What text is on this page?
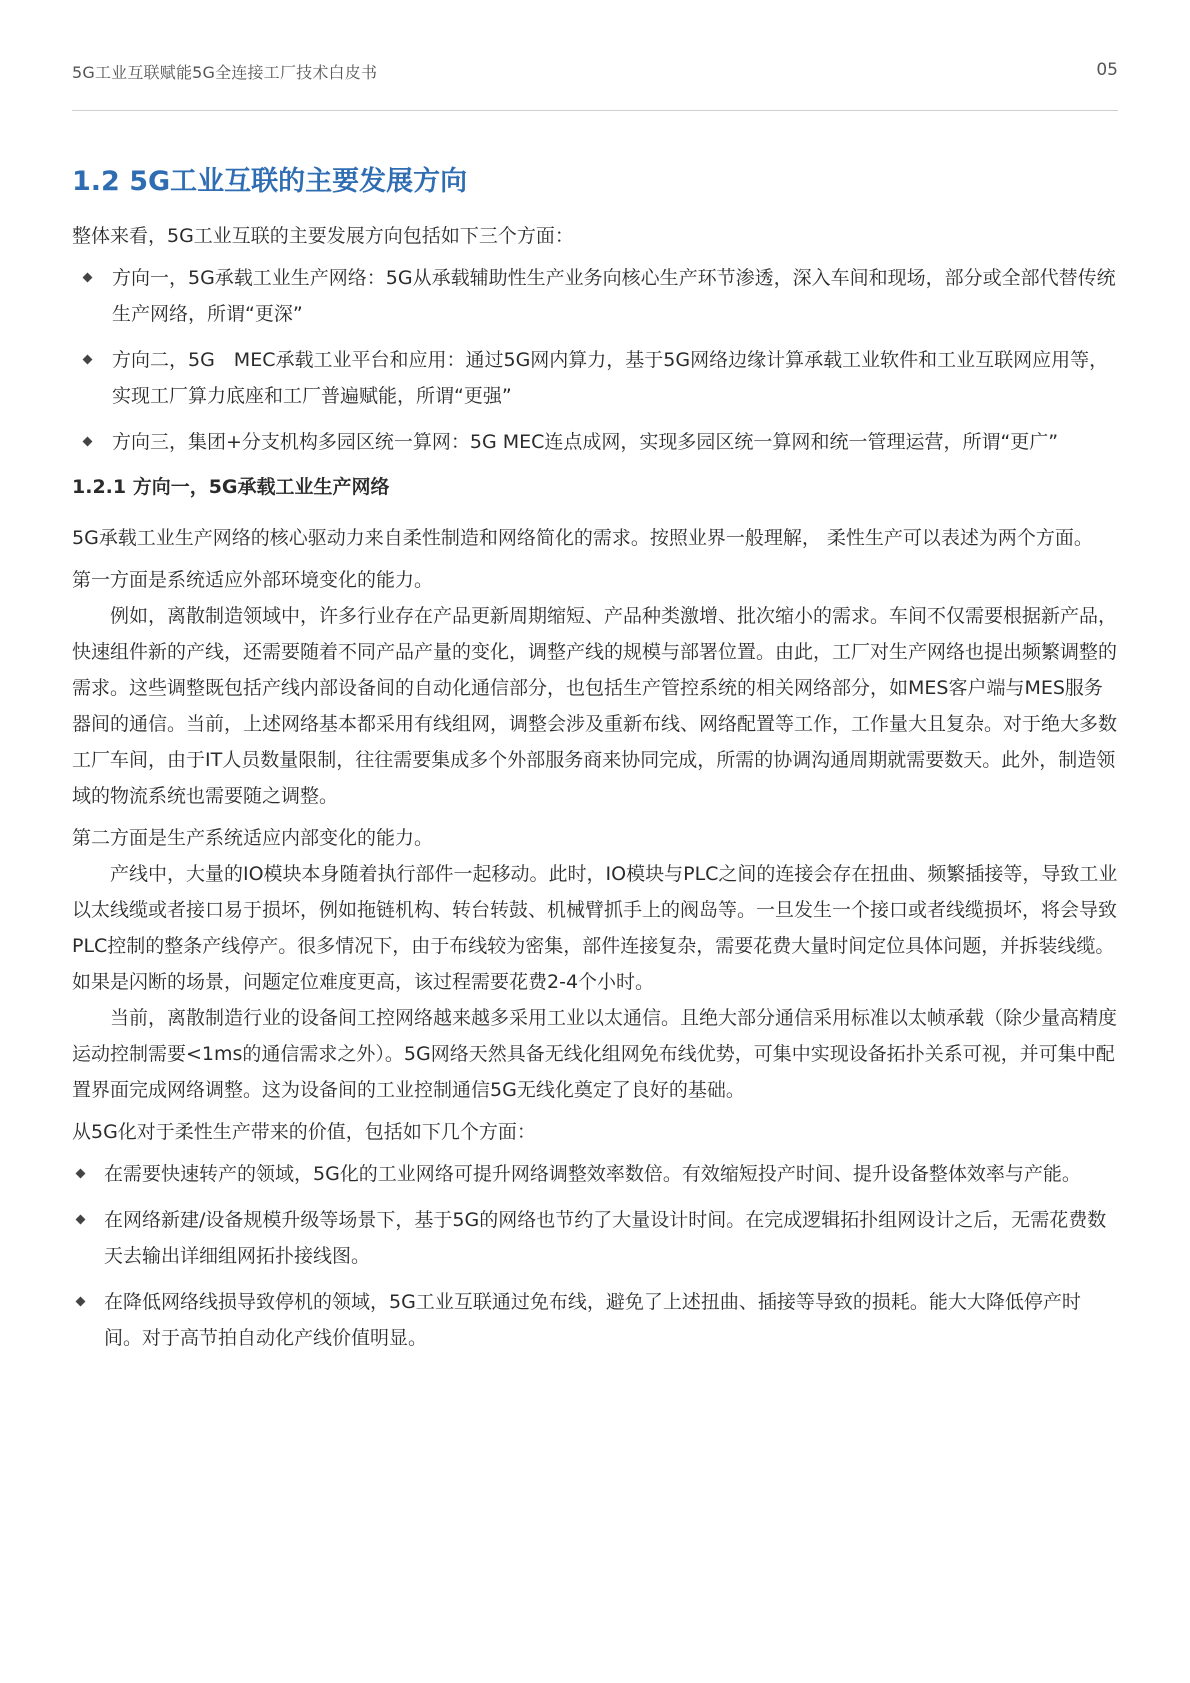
5G工业互联赋能5G全连接工厂技术白皮书	05
1.2 5G工业互联的主要发展方向

整体来看，5G工业互联的主要发展方向包括如下三个方面：

方向一，5G承载工业生产网络：5G从承载辅助性生产业务向核心生产环节渗透，深入车间和现场，部分或全部代替传统生产网络，所谓“更深”
方向二，5G　MEC承载工业平台和应用：通过5G网内算力，基于5G网络边缘计算承载工业软件和工业互联网应用等，实现工厂算力底座和工厂普遍赋能，所谓“更强”
方向三，集团+分支机构多园区统一算网：5G MEC连点成网，实现多园区统一算网和统一管理运营，所谓“更广”
1.2.1 方向一，5G承载工业生产网络

5G承载工业生产网络的核心驱动力来自柔性制造和网络简化的需求。按照业界一般理解， 柔性生产可以表述为两个方面。

第一方面是系统适应外部环境变化的能力。

例如，离散制造领域中，许多行业存在产品更新周期缩短、产品种类激增、批次缩小的需求。车间不仅需要根据新产品，快速组件新的产线，还需要随着不同产品产量的变化，调整产线的规模与部署位置。由此，工厂对生产网络也提出频繁调整的需求。这些调整既包括产线内部设备间的自动化通信部分，也包括生产管控系统的相关网络部分，如MES客户端与MES服务器间的通信。当前，上述网络基本都采用有线组网，调整会涉及重新布线、网络配置等工作，工作量大且复杂。对于绝大多数工厂车间，由于IT人员数量限制，往往需要集成多个外部服务商来协同完成，所需的协调沟通周期就需要数天。此外，制造领域的物流系统也需要随之调整。

第二方面是生产系统适应内部变化的能力。

产线中，大量的IO模块本身随着执行部件一起移动。此时，IO模块与PLC之间的连接会存在扭曲、频繁插接等，导致工业以太线缆或者接口易于损坏，例如拖链机构、转台转鼓、机械臂抓手上的阀岛等。一旦发生一个接口或者线缆损坏，将会导致PLC控制的整条产线停产。很多情况下，由于布线较为密集，部件连接复杂，需要花费大量时间定位具体问题，并拆装线缆。如果是闪断的场景，问题定位难度更高，该过程需要花费2-4个小时。

当前，离散制造行业的设备间工控网络越来越多采用工业以太通信。且绝大部分通信采用标准以太帧承载（除少量高精度运动控制需要<1ms的通信需求之外）。5G网络天然具备无线化组网免布线优势，可集中实现设备拓扑关系可视，并可集中配置界面完成网络调整。这为设备间的工业控制通信5G无线化奠定了良好的基础。

从5G化对于柔性生产带来的价值，包括如下几个方面：

在需要快速转产的领域，5G化的工业网络可提升网络调整效率数倍。有效缩短投产时间、提升设备整体效率与产能。
在网络新建/设备规模升级等场景下，基于5G的网络也节约了大量设计时间。在完成逻辑拓扑组网设计之后，无需花费数天去输出详细组网拓扑接线图。
在降低网络线损导致停机的领域，5G工业互联通过免布线，避免了上述扭曲、插接等导致的损耗。能大大降低停产时间。对于高节拍自动化产线价值明显。
